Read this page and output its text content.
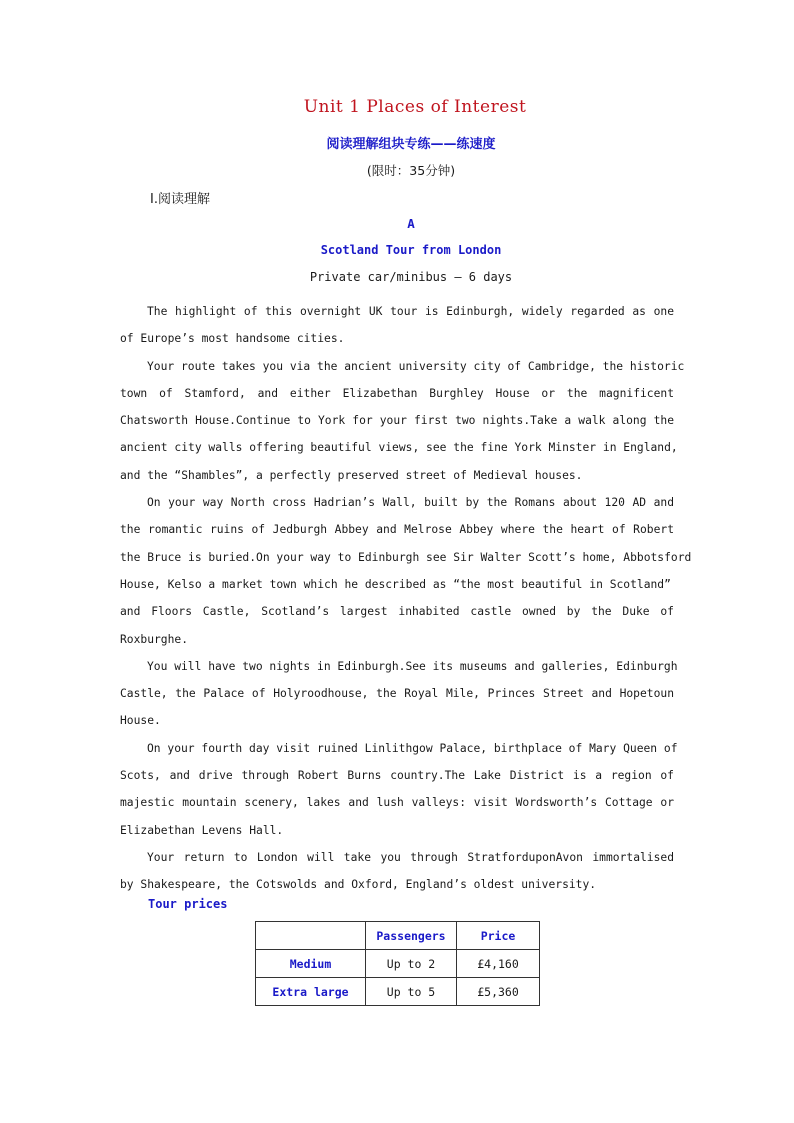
Unit 1 Places of Interest
阅读理解组块专练——练速度
(限时：35分钟)
Ⅰ.阅读理解
A
Scotland Tour from London
Private car/minibus — 6 days
The highlight of this overnight UK tour is Edinburgh, widely regarded as one
of Europe’s most handsome cities.
Your route takes you via the ancient university city of Cambridge, the historic
town of Stamford, and either Elizabethan Burghley House or the magnificent
Chatsworth House.Continue to York for your first two nights.Take a walk along the
ancient city walls offering beautiful views, see the fine York Minster in England,
and the “Shambles”, a perfectly preserved street of Medieval houses.
On your way North cross Hadrian’s Wall, built by the Romans about 120 AD and
the romantic ruins of Jedburgh Abbey and Melrose Abbey where the heart of Robert
the Bruce is buried.On your way to Edinburgh see Sir Walter Scott’s home, Abbotsford
House, Kelso a market town which he described as “the most beautiful in Scotland”
and Floors Castle, Scotland’s largest inhabited castle owned by the Duke of
Roxburghe.
You will have two nights in Edinburgh.See its museums and galleries, Edinburgh
Castle, the Palace of Holyroodhouse, the Royal Mile, Princes Street and Hopetoun
House.
On your fourth day visit ruined Linlithgow Palace, birthplace of Mary Queen of
Scots, and drive through Robert Burns country.The Lake District is a region of
majestic mountain scenery, lakes and lush valleys: visit Wordsworth’s Cottage or
Elizabethan Levens Hall.
Your return to London will take you through StratforduponAvon immortalised
by Shakespeare, the Cotswolds and Oxford, England’s oldest university.
Tour prices
	Passengers	Price
Medium	Up to 2	£4,160
Extra large	Up to 5	£5,360
